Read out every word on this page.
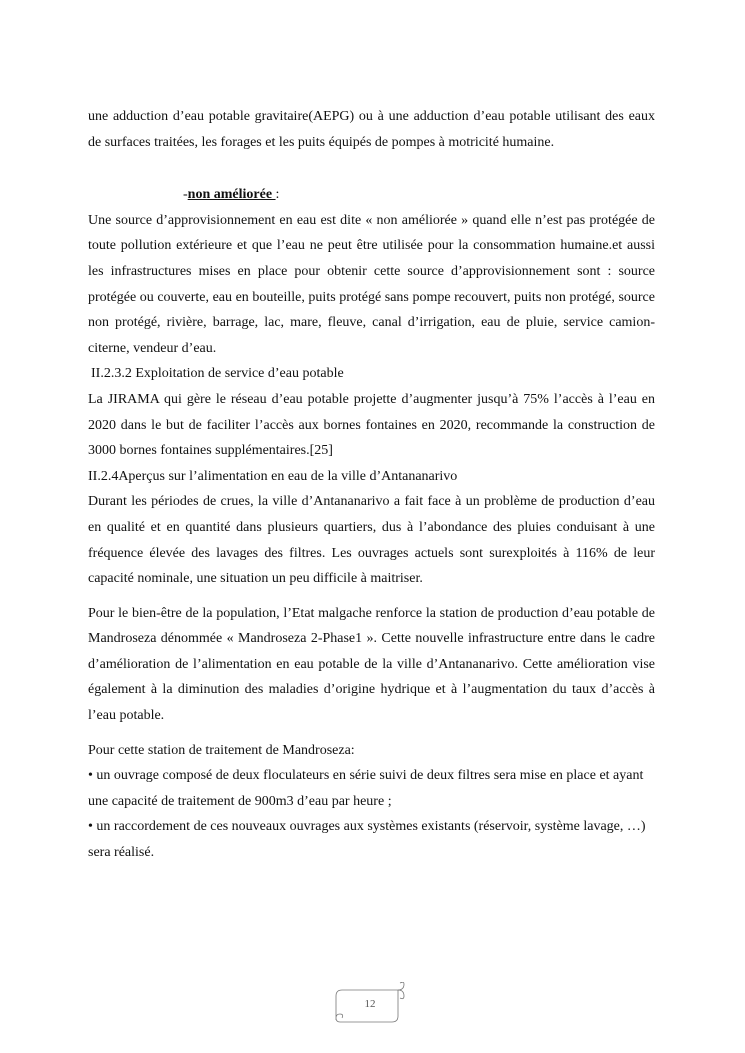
une adduction d’eau potable gravitaire(AEPG) ou à une adduction d’eau potable utilisant des eaux de surfaces traitées, les forages et les puits équipés de pompes à motricité humaine.

-non améliorée :

Une source d’approvisionnement en eau est dite « non améliorée » quand elle n’est pas protégée de toute pollution extérieure et que l’eau ne peut être utilisée pour la consommation humaine.et aussi les infrastructures mises en place pour obtenir cette source d’approvisionnement sont : source protégée ou couverte, eau en bouteille, puits protégé sans pompe recouvert, puits non protégé, source non protégé, rivière, barrage, lac, mare, fleuve, canal d’irrigation, eau de pluie, service camion-citerne, vendeur d’eau.

II.2.3.2 Exploitation de service d’eau potable

La JIRAMA qui gère le réseau d’eau potable projette d’augmenter jusqu’à 75% l’accès à l’eau en 2020 dans le but de faciliter l’accès aux bornes fontaines en 2020, recommande la construction de 3000 bornes fontaines supplémentaires.[25]

II.2.4Aperçus sur l’alimentation en eau de la ville d’Antananarivo

Durant les périodes de crues, la ville d’Antananarivo a fait face à un problème de production d’eau en qualité et en quantité dans plusieurs quartiers, dus à l’abondance des pluies conduisant à une fréquence élevée des lavages des filtres. Les ouvrages actuels sont surexploités à 116% de leur capacité nominale, une situation un peu difficile à maitriser.

Pour le bien-être de la population, l’Etat malgache renforce la station de production d’eau potable de Mandroseza dénommée « Mandroseza 2-Phase1 ». Cette nouvelle infrastructure entre dans le cadre d’amélioration de l’alimentation en eau potable de la ville d’Antananarivo. Cette amélioration vise également à la diminution des maladies d’origine hydrique et à l’augmentation du taux d’accès à l’eau potable.

Pour cette station de traitement de Mandroseza:

• un ouvrage composé de deux floculateurs en série suivi de deux filtres sera mise en place et ayant une capacité de traitement de 900m3 d’eau par heure ;

• un raccordement de ces nouveaux ouvrages aux systèmes existants (réservoir, système lavage, …) sera réalisé.

12
